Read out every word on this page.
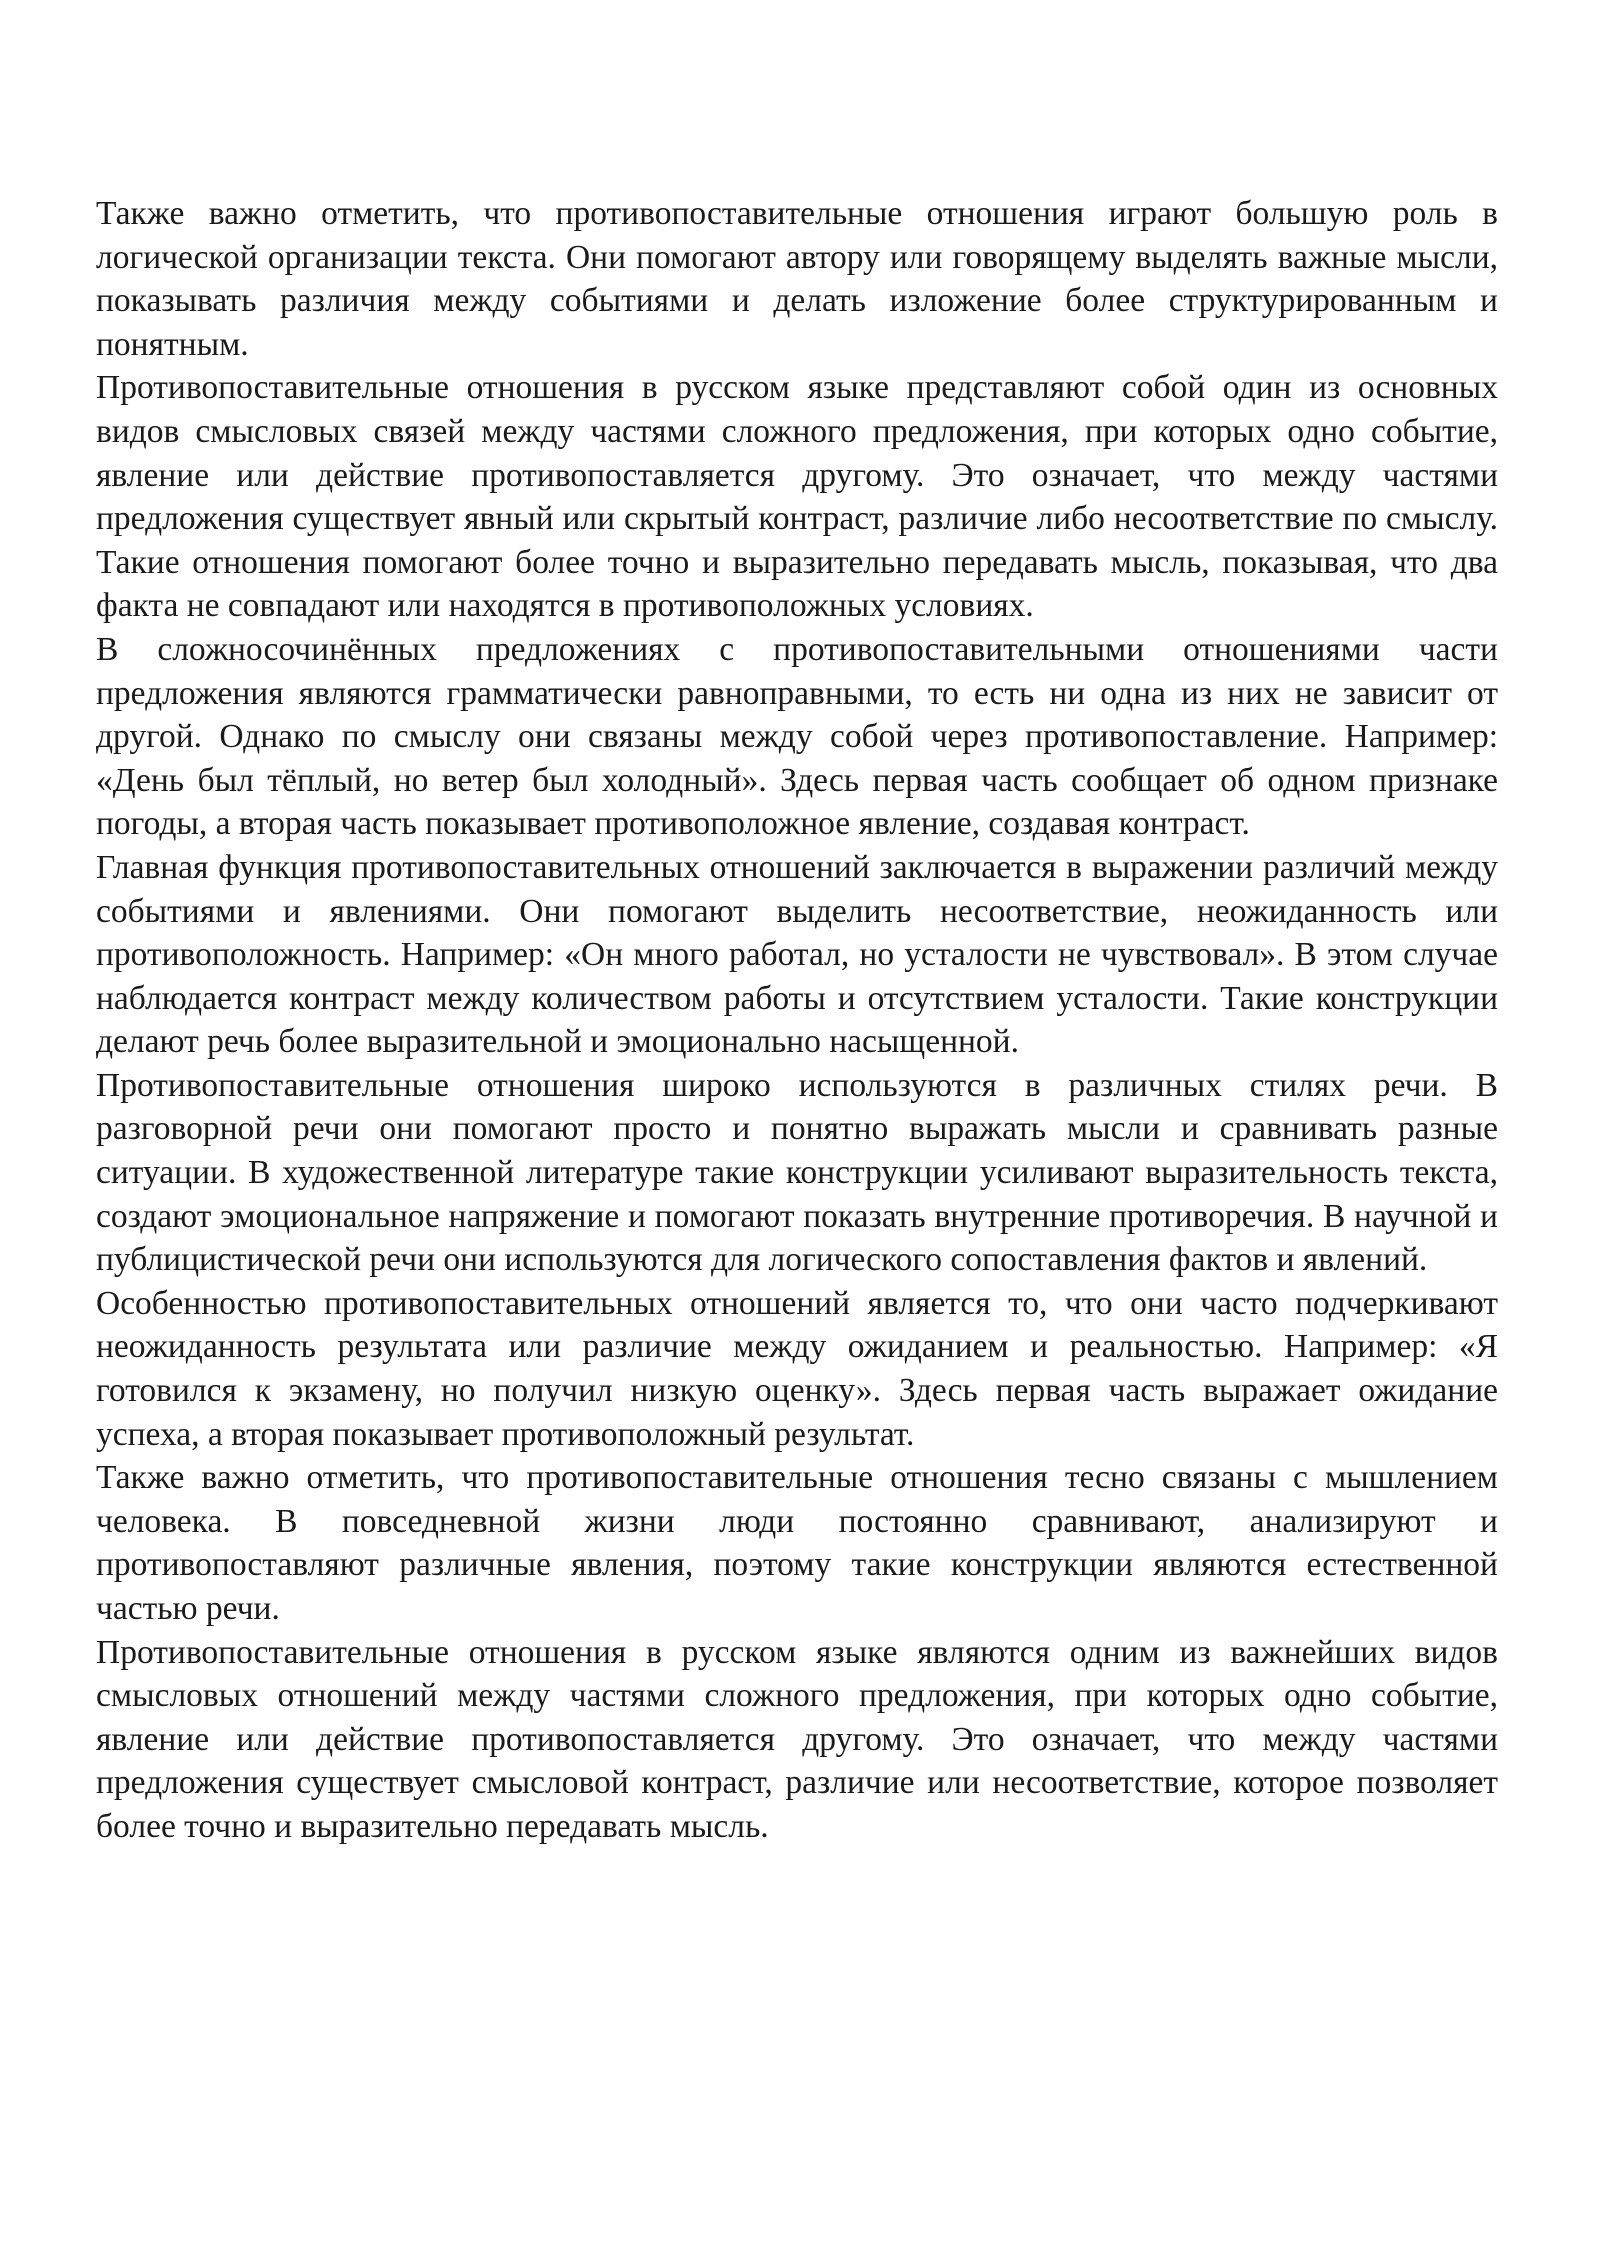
Также важно отметить, что противопоставительные отношения играют большую роль в логической организации текста. Они помогают автору или говорящему выделять важные мысли, показывать различия между событиями и делать изложение более структурированным и понятным.

Противопоставительные отношения в русском языке представляют собой один из основных видов смысловых связей между частями сложного предложения, при которых одно событие, явление или действие противопоставляется другому. Это означает, что между частями предложения существует явный или скрытый контраст, различие либо несоответствие по смыслу. Такие отношения помогают более точно и выразительно передавать мысль, показывая, что два факта не совпадают или находятся в противоположных условиях.

В сложносочинённых предложениях с противопоставительными отношениями части предложения являются грамматически равноправными, то есть ни одна из них не зависит от другой. Однако по смыслу они связаны между собой через противопоставление. Например: «День был тёплый, но ветер был холодный». Здесь первая часть сообщает об одном признаке погоды, а вторая часть показывает противоположное явление, создавая контраст.

Главная функция противопоставительных отношений заключается в выражении различий между событиями и явлениями. Они помогают выделить несоответствие, неожиданность или противоположность. Например: «Он много работал, но усталости не чувствовал». В этом случае наблюдается контраст между количеством работы и отсутствием усталости. Такие конструкции делают речь более выразительной и эмоционально насыщенной.

Противопоставительные отношения широко используются в различных стилях речи. В разговорной речи они помогают просто и понятно выражать мысли и сравнивать разные ситуации. В художественной литературе такие конструкции усиливают выразительность текста, создают эмоциональное напряжение и помогают показать внутренние противоречия. В научной и публицистической речи они используются для логического сопоставления фактов и явлений.

Особенностью противопоставительных отношений является то, что они часто подчеркивают неожиданность результата или различие между ожиданием и реальностью. Например: «Я готовился к экзамену, но получил низкую оценку». Здесь первая часть выражает ожидание успеха, а вторая показывает противоположный результат.

Также важно отметить, что противопоставительные отношения тесно связаны с мышлением человека. В повседневной жизни люди постоянно сравнивают, анализируют и противопоставляют различные явления, поэтому такие конструкции являются естественной частью речи.

Противопоставительные отношения в русском языке являются одним из важнейших видов смысловых отношений между частями сложного предложения, при которых одно событие, явление или действие противопоставляется другому. Это означает, что между частями предложения существует смысловой контраст, различие или несоответствие, которое позволяет более точно и выразительно передавать мысль.
